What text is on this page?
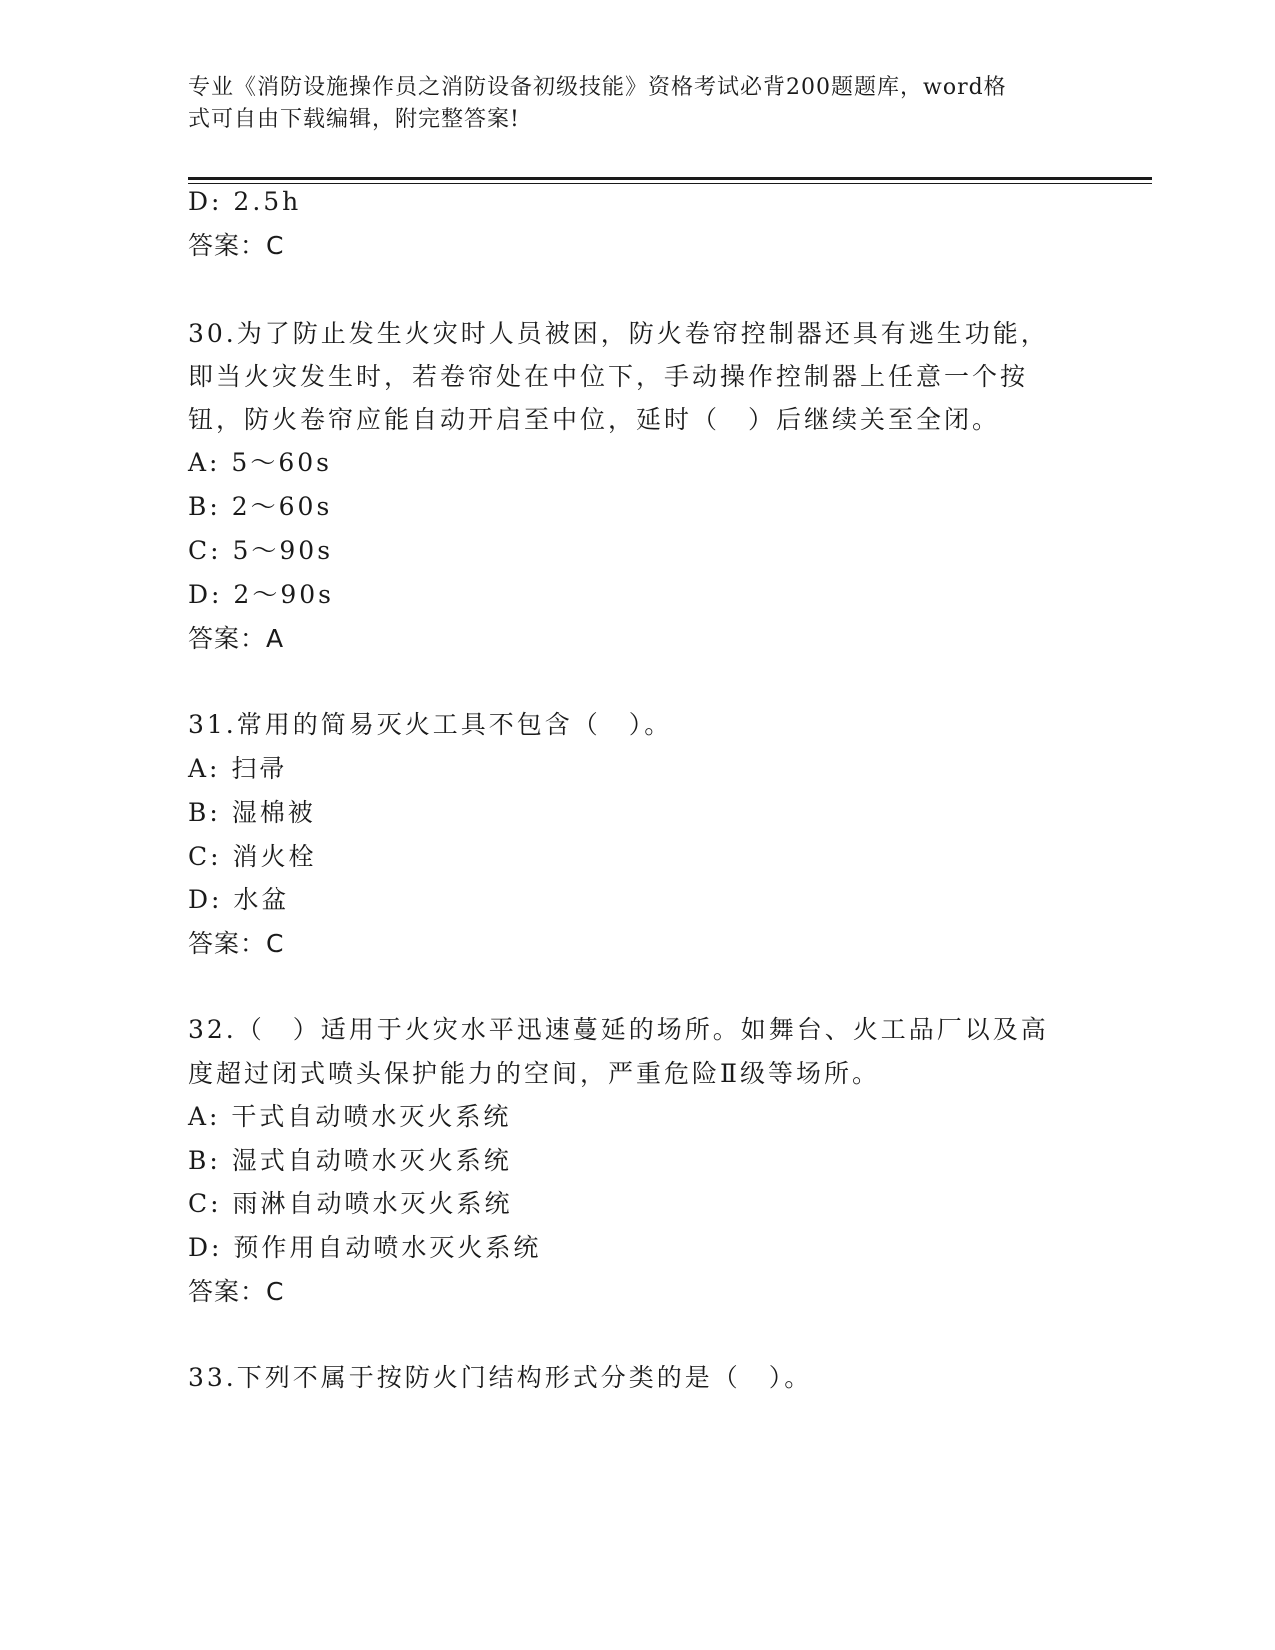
专业《消防设施操作员之消防设备初级技能》资格考试必背200题题库，word格
式可自由下载编辑，附完整答案!
D: 2.5h
答案：C
30.为了防止发生火灾时人员被困，防火卷帘控制器还具有逃生功能，
即当火灾发生时，若卷帘处在中位下，手动操作控制器上任意一个按
钮，防火卷帘应能自动开启至中位，延时（　）后继续关至全闭。
A: 5～60s
B: 2～60s
C: 5～90s
D: 2～90s
答案：A
31.常用的简易灭火工具不包含（　）。
A: 扫帚
B: 湿棉被
C: 消火栓
D: 水盆
答案：C
32.（　）适用于火灾水平迅速蔓延的场所。如舞台、火工品厂以及高
度超过闭式喷头保护能力的空间，严重危险Ⅱ级等场所。
A: 干式自动喷水灭火系统
B: 湿式自动喷水灭火系统
C: 雨淋自动喷水灭火系统
D: 预作用自动喷水灭火系统
答案：C
33.下列不属于按防火门结构形式分类的是（　）。
